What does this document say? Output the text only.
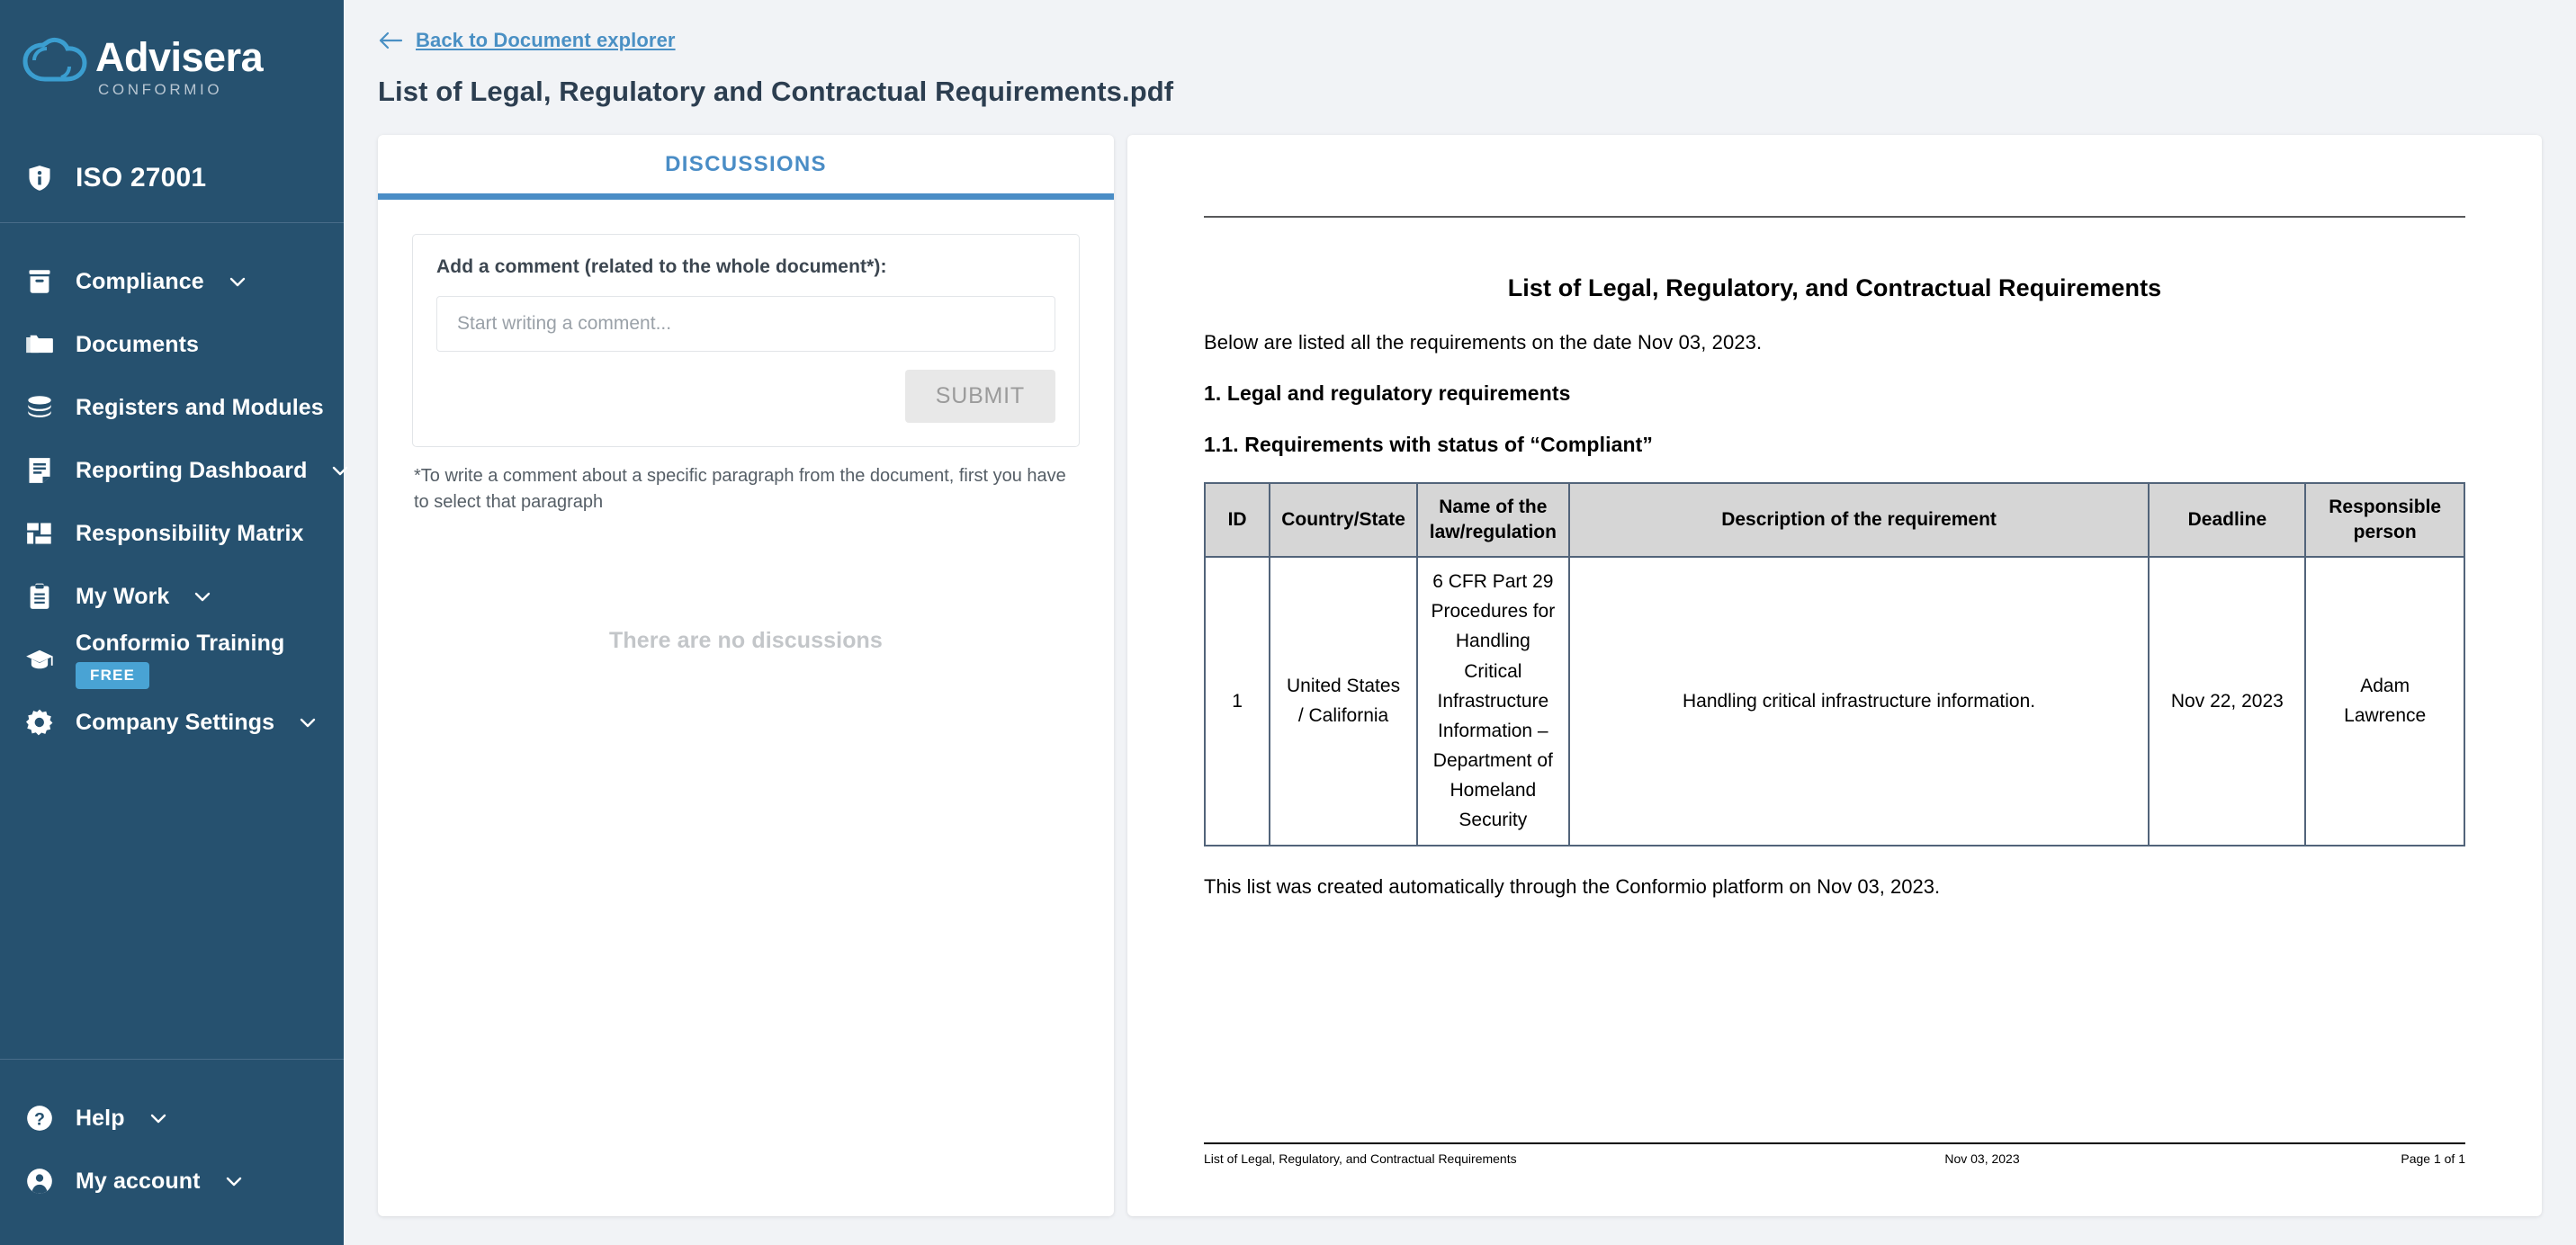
Advisera
CONFORMIO
ISO 27001
Compliance
Documents
Registers and Modules
Reporting Dashboard
Responsibility Matrix
My Work
Conformio Training
FREE
Company Settings
? Help
My account
Back to Document explorer
List of Legal, Regulatory and Contractual Requirements.pdf
DISCUSSIONS
Add a comment (related to the whole document*):
Start writing a comment...
SUBMIT

*To write a comment about a specific paragraph from the document, first you have to select that paragraph

There are no discussions
List of Legal, Regulatory, and Contractual Requirements

Below are listed all the requirements on the date Nov 03, 2023.

1. Legal and regulatory requirements
1.1. Requirements with status of “Compliant”
ID	Country/State	Name of the law/regulation	Description of the requirement	Deadline	Responsible person
1	United States / California	6 CFR Part 29 Procedures for Handling Critical Infrastructure Information – Department of Homeland Security	Handling critical infrastructure information.	Nov 22, 2023	Adam Lawrence

This list was created automatically through the Conformio platform on Nov 03, 2023.

List of Legal, Regulatory, and Contractual Requirements	Nov 03, 2023	Page 1 of 1
